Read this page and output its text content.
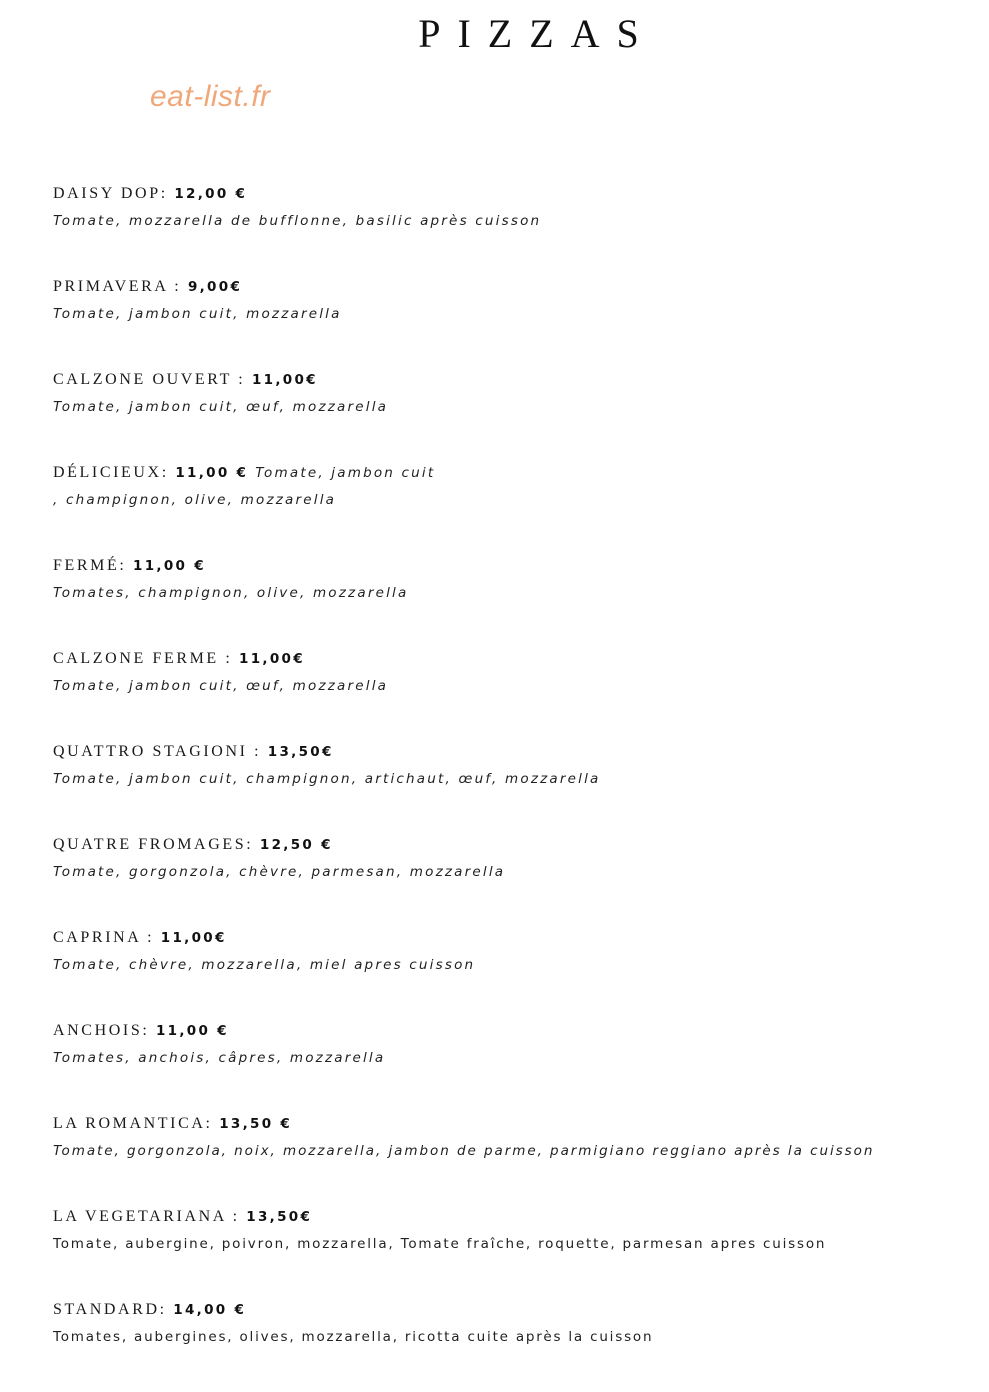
PIZZAS
eat-list.fr
DAISY DOP: 12,00 €
Tomate, mozzarella de bufflonne, basilic après cuisson
PRIMAVERA : 9,00€
Tomate, jambon cuit, mozzarella
CALZONE OUVERT : 11,00€
Tomate, jambon cuit, œuf, mozzarella
DÉLICIEUX: 11,00 € Tomate, jambon cuit
, champignon, olive, mozzarella
FERMÉ: 11,00 €
Tomates, champignon, olive, mozzarella
CALZONE FERME : 11,00€
Tomate, jambon cuit, œuf, mozzarella
QUATTRO STAGIONI : 13,50€
Tomate, jambon cuit, champignon, artichaut, œuf, mozzarella
QUATRE FROMAGES: 12,50 €
Tomate, gorgonzola, chèvre, parmesan, mozzarella
CAPRINA : 11,00€
Tomate, chèvre, mozzarella, miel apres cuisson
ANCHOIS: 11,00 €
Tomates, anchois, câpres, mozzarella
LA ROMANTICA: 13,50 €
Tomate, gorgonzola, noix, mozzarella, jambon de parme, parmigiano reggiano après la cuisson
LA VEGETARIANA : 13,50€
Tomate, aubergine, poivron, mozzarella, Tomate fraîche, roquette, parmesan apres cuisson
STANDARD: 14,00 €
Tomates, aubergines, olives, mozzarella, ricotta cuite après la cuisson
